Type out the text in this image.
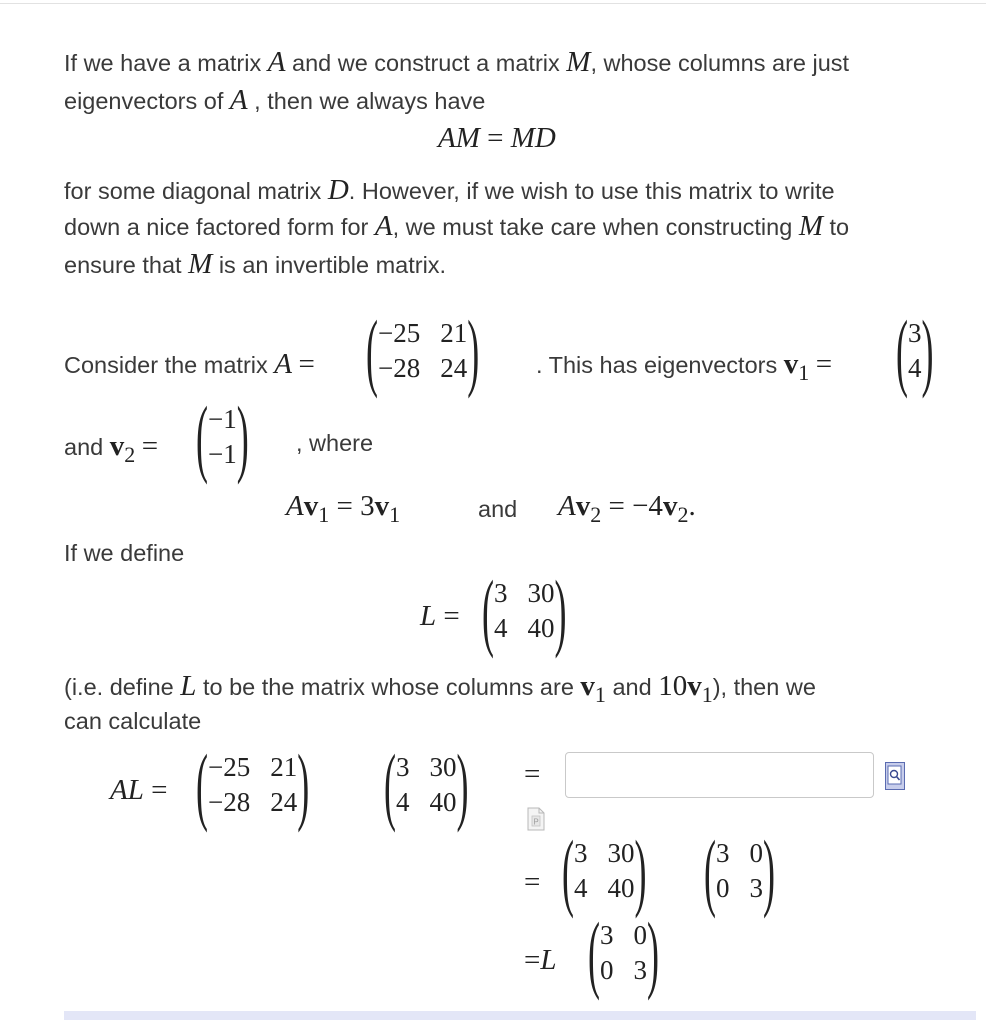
If we have a matrix A and we construct a matrix M, whose columns are just
eigenvectors of A , then we always have
AM = MD
for some diagonal matrix D. However, if we wish to use this matrix to write
down a nice factored form for A, we must take care when constructing M to
ensure that M is an invertible matrix.
Consider the matrix A = ( −25 21
−28 24 ) . This has eigenvectors v1 = ( 3
4 )
and v2 = ( −1
−1 ) , where
$Av_1 = 3v_1$	and $Av_2 = -4v_2$.
If we define
L = ( 3 30
4 40 )
(i.e. define L to be the matrix whose columns are v1 and 10v1), then we
can calculate
AL = ( −25 21
−28 24 ) ( 3 30
4 40 ) =
P
= ( 3 30
4 40 ) ( 3 0
0 3 )
=L ( 3 0
0 3 )
